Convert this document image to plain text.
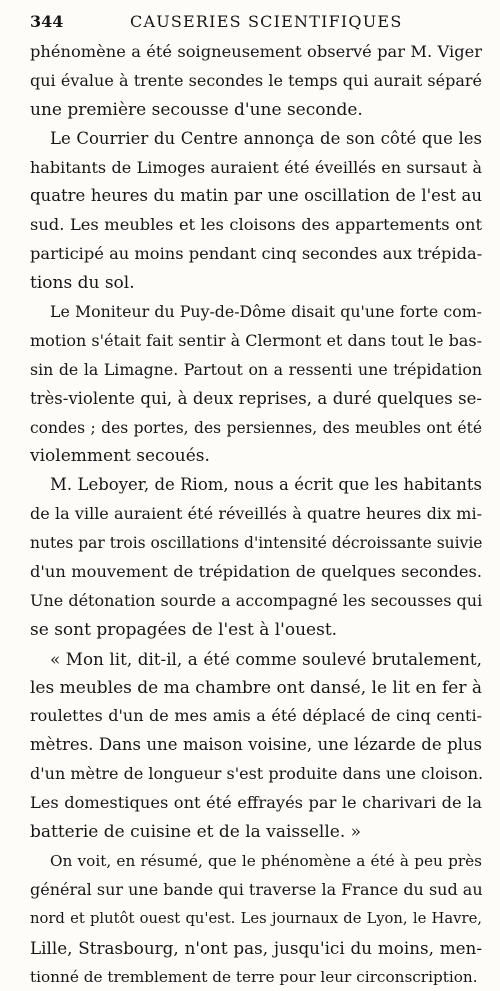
344	CAUSERIES SCIENTIFIQUES
phénomène a été soigneusement observé par M. Viger
qui évalue à trente secondes le temps qui aurait séparé
une première secousse d'une seconde.
Le Courrier du Centre annonça de son côté que les
habitants de Limoges auraient été éveillés en sursaut à
quatre heures du matin par une oscillation de l'est au
sud. Les meubles et les cloisons des appartements ont
participé au moins pendant cinq secondes aux trépida-
tions du sol.
Le Moniteur du Puy-de-Dôme disait qu'une forte com-
motion s'était fait sentir à Clermont et dans tout le bas-
sin de la Limagne. Partout on a ressenti une trépidation
très-violente qui, à deux reprises, a duré quelques se-
condes ; des portes, des persiennes, des meubles ont été
violemment secoués.
M. Leboyer, de Riom, nous a écrit que les habitants
de la ville auraient été réveillés à quatre heures dix mi-
nutes par trois oscillations d'intensité décroissante suivie
d'un mouvement de trépidation de quelques secondes.
Une détonation sourde a accompagné les secousses qui
se sont propagées de l'est à l'ouest.
« Mon lit, dit-il, a été comme soulevé brutalement,
les meubles de ma chambre ont dansé, le lit en fer à
roulettes d'un de mes amis a été déplacé de cinq centi-
mètres. Dans une maison voisine, une lézarde de plus
d'un mètre de longueur s'est produite dans une cloison.
Les domestiques ont été effrayés par le charivari de la
batterie de cuisine et de la vaisselle. »
On voit, en résumé, que le phénomène a été à peu près
général sur une bande qui traverse la France du sud au
nord et plutôt ouest qu'est. Les journaux de Lyon, le Havre,
Lille, Strasbourg, n'ont pas, jusqu'ici du moins, men-
tionné de tremblement de terre pour leur circonscription.
